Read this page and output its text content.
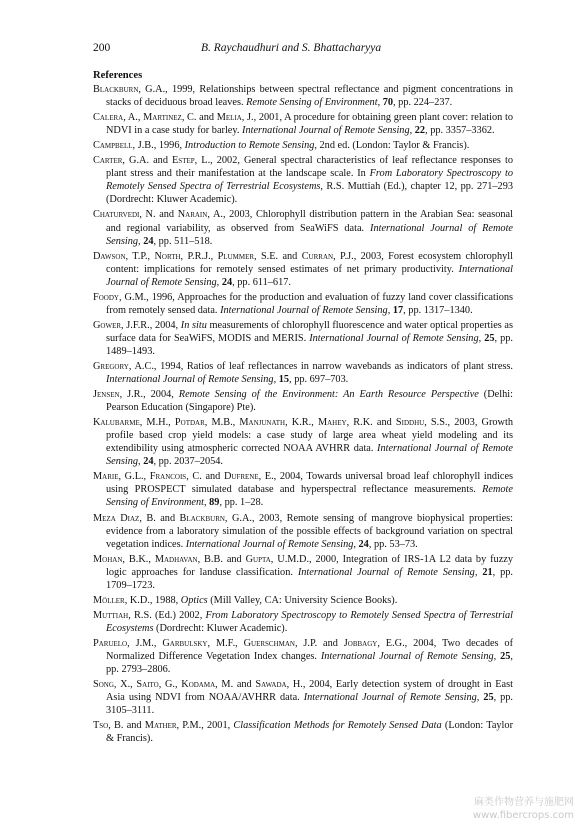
200	B. Raychaudhuri and S. Bhattacharyya
References

Blackburn, G.A., 1999, Relationships between spectral reflectance and pigment concentrations in stacks of deciduous broad leaves. Remote Sensing of Environment, 70, pp. 224–237.

Calera, A., Martinez, C. and Melia, J., 2001, A procedure for obtaining green plant cover: relation to NDVI in a case study for barley. International Journal of Remote Sensing, 22, pp. 3357–3362.

Campbell, J.B., 1996, Introduction to Remote Sensing, 2nd ed. (London: Taylor & Francis).

Carter, G.A. and Estep, L., 2002, General spectral characteristics of leaf reflectance responses to plant stress and their manifestation at the landscape scale. In From Laboratory Spectroscopy to Remotely Sensed Spectra of Terrestrial Ecosystems, R.S. Muttiah (Ed.), chapter 12, pp. 271–293 (Dordrecht: Kluwer Academic).

Chaturvedi, N. and Narain, A., 2003, Chlorophyll distribution pattern in the Arabian Sea: seasonal and regional variability, as observed from SeaWiFS data. International Journal of Remote Sensing, 24, pp. 511–518.

Dawson, T.P., North, P.R.J., Plummer, S.E. and Curran, P.J., 2003, Forest ecosystem chlorophyll content: implications for remotely sensed estimates of net primary productivity. International Journal of Remote Sensing, 24, pp. 611–617.

Foody, G.M., 1996, Approaches for the production and evaluation of fuzzy land cover classifications from remotely sensed data. International Journal of Remote Sensing, 17, pp. 1317–1340.

Gower, J.F.R., 2004, In situ measurements of chlorophyll fluorescence and water optical properties as surface data for SeaWiFS, MODIS and MERIS. International Journal of Remote Sensing, 25, pp. 1489–1493.

Gregory, A.C., 1994, Ratios of leaf reflectances in narrow wavebands as indicators of plant stress. International Journal of Remote Sensing, 15, pp. 697–703.

Jensen, J.R., 2004, Remote Sensing of the Environment: An Earth Resource Perspective (Delhi: Pearson Education (Singapore) Pte).

Kalubarme, M.H., Potdar, M.B., Manjunath, K.R., Mahey, R.K. and Siddhu, S.S., 2003, Growth profile based crop yield models: a case study of large area wheat yield modeling and its extendibility using atmospheric corrected NOAA AVHRR data. International Journal of Remote Sensing, 24, pp. 2037–2054.

Marie, G.L., Francois, C. and Dufrene, E., 2004, Towards universal broad leaf chlorophyll indices using PROSPECT simulated database and hyperspectral reflectance measurements. Remote Sensing of Environment, 89, pp. 1–28.

Meza Diaz, B. and Blackburn, G.A., 2003, Remote sensing of mangrove biophysical properties: evidence from a laboratory simulation of the possible effects of background variation on spectral vegetation indices. International Journal of Remote Sensing, 24, pp. 53–73.

Mohan, B.K., Madhavan, B.B. and Gupta, U.M.D., 2000, Integration of IRS-1A L2 data by fuzzy logic approaches for landuse classification. International Journal of Remote Sensing, 21, pp. 1709–1723.

Möller, K.D., 1988, Optics (Mill Valley, CA: University Science Books).

Muttiah, R.S. (Ed.) 2002, From Laboratory Spectroscopy to Remotely Sensed Spectra of Terrestrial Ecosystems (Dordrecht: Kluwer Academic).

Paruelo, J.M., Garbulsky, M.F., Guerschman, J.P. and Jobbagy, E.G., 2004, Two decades of Normalized Difference Vegetation Index changes. International Journal of Remote Sensing, 25, pp. 2793–2806.

Song, X., Saito, G., Kodama, M. and Sawada, H., 2004, Early detection system of drought in East Asia using NDVI from NOAA/AVHRR data. International Journal of Remote Sensing, 25, pp. 3105–3111.

Tso, B. and Mather, P.M., 2001, Classification Methods for Remotely Sensed Data (London: Taylor & Francis).

麻类作物营养与施肥网
www.fibercrops.com
